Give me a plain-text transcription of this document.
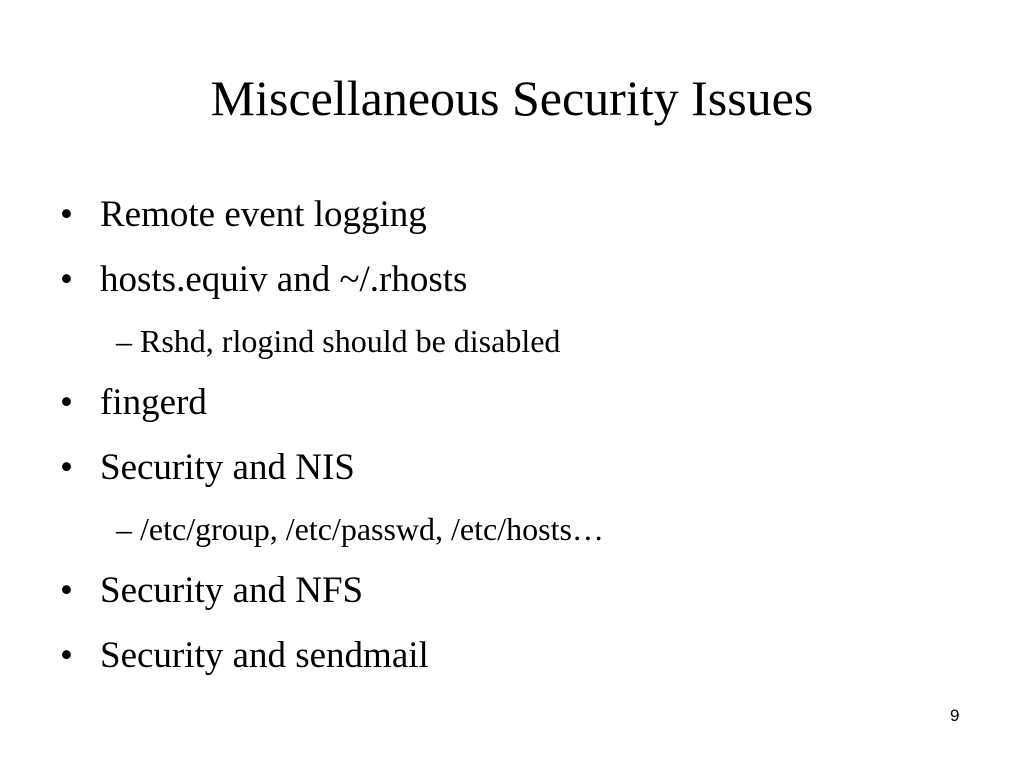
Miscellaneous Security Issues
• Remote event logging
• hosts.equiv and ~/.rhosts
– Rshd, rlogind should be disabled
• fingerd
• Security and NIS
– /etc/group, /etc/passwd, /etc/hosts…
• Security and NFS
• Security and sendmail
9
